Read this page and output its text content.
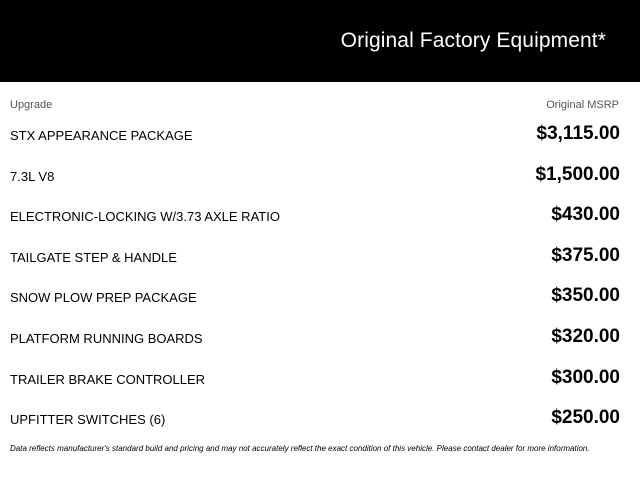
Original Factory Equipment*
Upgrade	Original MSRP
STX APPEARANCE PACKAGE	$3,115.00
7.3L V8	$1,500.00
ELECTRONIC-LOCKING W/3.73 AXLE RATIO	$430.00
TAILGATE STEP & HANDLE	$375.00
SNOW PLOW PREP PACKAGE	$350.00
PLATFORM RUNNING BOARDS	$320.00
TRAILER BRAKE CONTROLLER	$300.00
UPFITTER SWITCHES (6)	$250.00
Data reflects manufacturer's standard build and pricing and may not accurately reflect the exact condition of this vehicle. Please contact dealer for more information.
